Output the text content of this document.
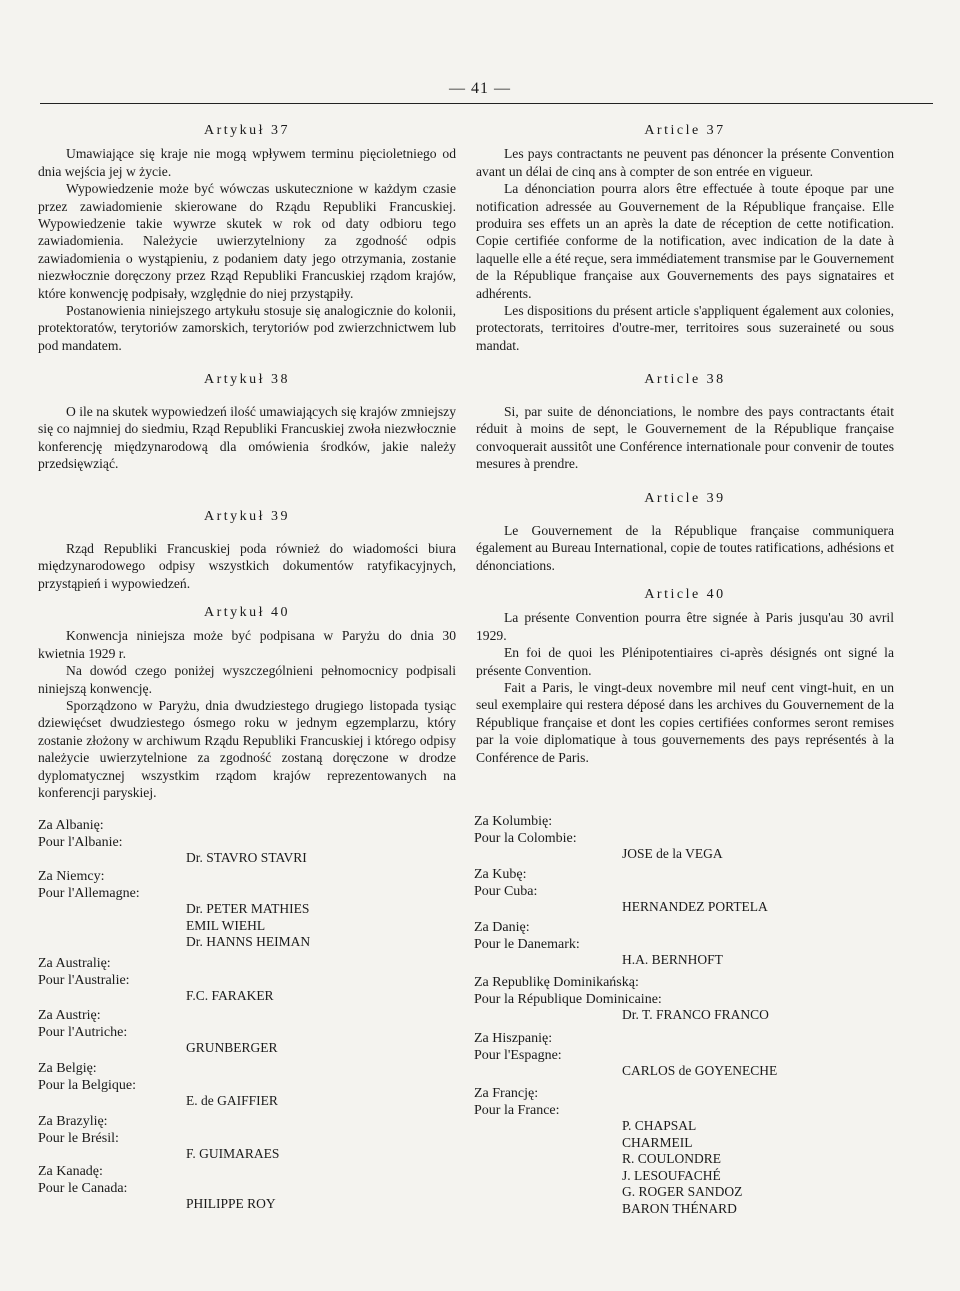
— 41 —
Artykuł 37

Umawiające się kraje nie mogą wpływem terminu pięcioletniego od dnia wejścia jej w życie.

Wypowiedzenie może być wówczas uskutecznione w każdym czasie przez zawiadomienie skierowane do Rządu Republiki Francuskiej. Wypowiedzenie takie wywrze skutek w rok od daty odbioru tego zawiadomienia. Należycie uwierzytelniony za zgodność odpis zawiadomienia o wystąpieniu, z podaniem daty jego otrzymania, zostanie niezwłocznie doręczony przez Rząd Republiki Francuskiej rządom krajów, które konwencję podpisały, względnie do niej przystąpiły.

Postanowienia niniejszego artykułu stosuje się analogicznie do kolonii, protektoratów, terytoriów zamorskich, terytoriów pod zwierzchnictwem lub pod mandatem.

Artykuł 38

O ile na skutek wypowiedzeń ilość umawiających się krajów zmniejszy się co najmniej do siedmiu, Rząd Republiki Francuskiej zwoła niezwłocznie konferencję międzynarodową dla omówienia środków, jakie należy przedsięwziąć.

Artykuł 39

Rząd Republiki Francuskiej poda również do wiadomości biura międzynarodowego odpisy wszystkich dokumentów ratyfikacyjnych, przystąpień i wypowiedzeń.

Artykuł 40

Konwencja niniejsza może być podpisana w Paryżu do dnia 30 kwietnia 1929 r.

Na dowód czego poniżej wyszczególnieni pełnomocnicy podpisali niniejszą konwencję.

Sporządzono w Paryżu, dnia dwudziestego drugiego listopada tysiąc dziewięćset dwudziestego ósmego roku w jednym egzemplarzu, który zostanie złożony w archiwum Rządu Republiki Francuskiej i którego odpisy należycie uwierzytelnione za zgodność zostaną doręczone w drodze dyplomatycznej wszystkim rządom krajów reprezentowanych na konferencji paryskiej.

Article 37

Les pays contractants ne peuvent pas dénoncer la présente Convention avant un délai de cinq ans à compter de son entrée en vigueur.

La dénonciation pourra alors être effectuée à toute époque par une notification adressée au Gouvernement de la République française. Elle produira ses effets un an après la date de réception de cette notification. Copie certifiée conforme de la notification, avec indication de la date à laquelle elle a été reçue, sera immédiatement transmise par le Gouvernement de la République française aux Gouvernements des pays signataires et adhérents.

Les dispositions du présent article s'appliquent également aux colonies, protectorats, territoires d'outre-mer, territoires sous suzeraineté ou sous mandat.

Article 38

Si, par suite de dénonciations, le nombre des pays contractants était réduit à moins de sept, le Gouvernement de la République française convoquerait aussitôt une Conférence internationale pour convenir de toutes mesures à prendre.

Article 39

Le Gouvernement de la République française communiquera également au Bureau International, copie de toutes ratifications, adhésions et dénonciations.

Article 40

La présente Convention pourra être signée à Paris jusqu'au 30 avril 1929.

En foi de quoi les Plénipotentiaires ci-après désignés ont signé la présente Convention.

Fait a Paris, le vingt-deux novembre mil neuf cent vingt-huit, en un seul exemplaire qui restera déposé dans les archives du Gouvernement de la République française et dont les copies certifiées conformes seront remises par la voie diplomatique à tous gouvernements des pays représentés à la Conférence de Paris.

Za Albanię:

Pour l'Albanie:

Dr. STAVRO STAVRI

Za Niemcy:

Pour l'Allemagne:

Dr. PETER MATHIES

EMIL WIEHL

Dr. HANNS HEIMAN

Za Australię:

Pour l'Australie:

F.C. FARAKER

Za Austrię:

Pour l'Autriche:

GRUNBERGER

Za Belgię:

Pour la Belgique:

E. de GAIFFIER

Za Brazylię:

Pour le Brésil:

F. GUIMARAES

Za Kanadę:

Pour le Canada:

PHILIPPE ROY

Za Kolumbię:

Pour la Colombie:

JOSE de la VEGA

Za Kubę:

Pour Cuba:

HERNANDEZ PORTELA

Za Danię:

Pour le Danemark:

H.A. BERNHOFT

Za Republikę Dominikańską:

Pour la République Dominicaine:

Dr. T. FRANCO FRANCO

Za Hiszpanię:

Pour l'Espagne:

CARLOS de GOYENECHE

Za Francję:

Pour la France:

P. CHAPSAL

CHARMEIL

R. COULONDRE

J. LESOUFACHÉ

G. ROGER SANDOZ

BARON THÉNARD
